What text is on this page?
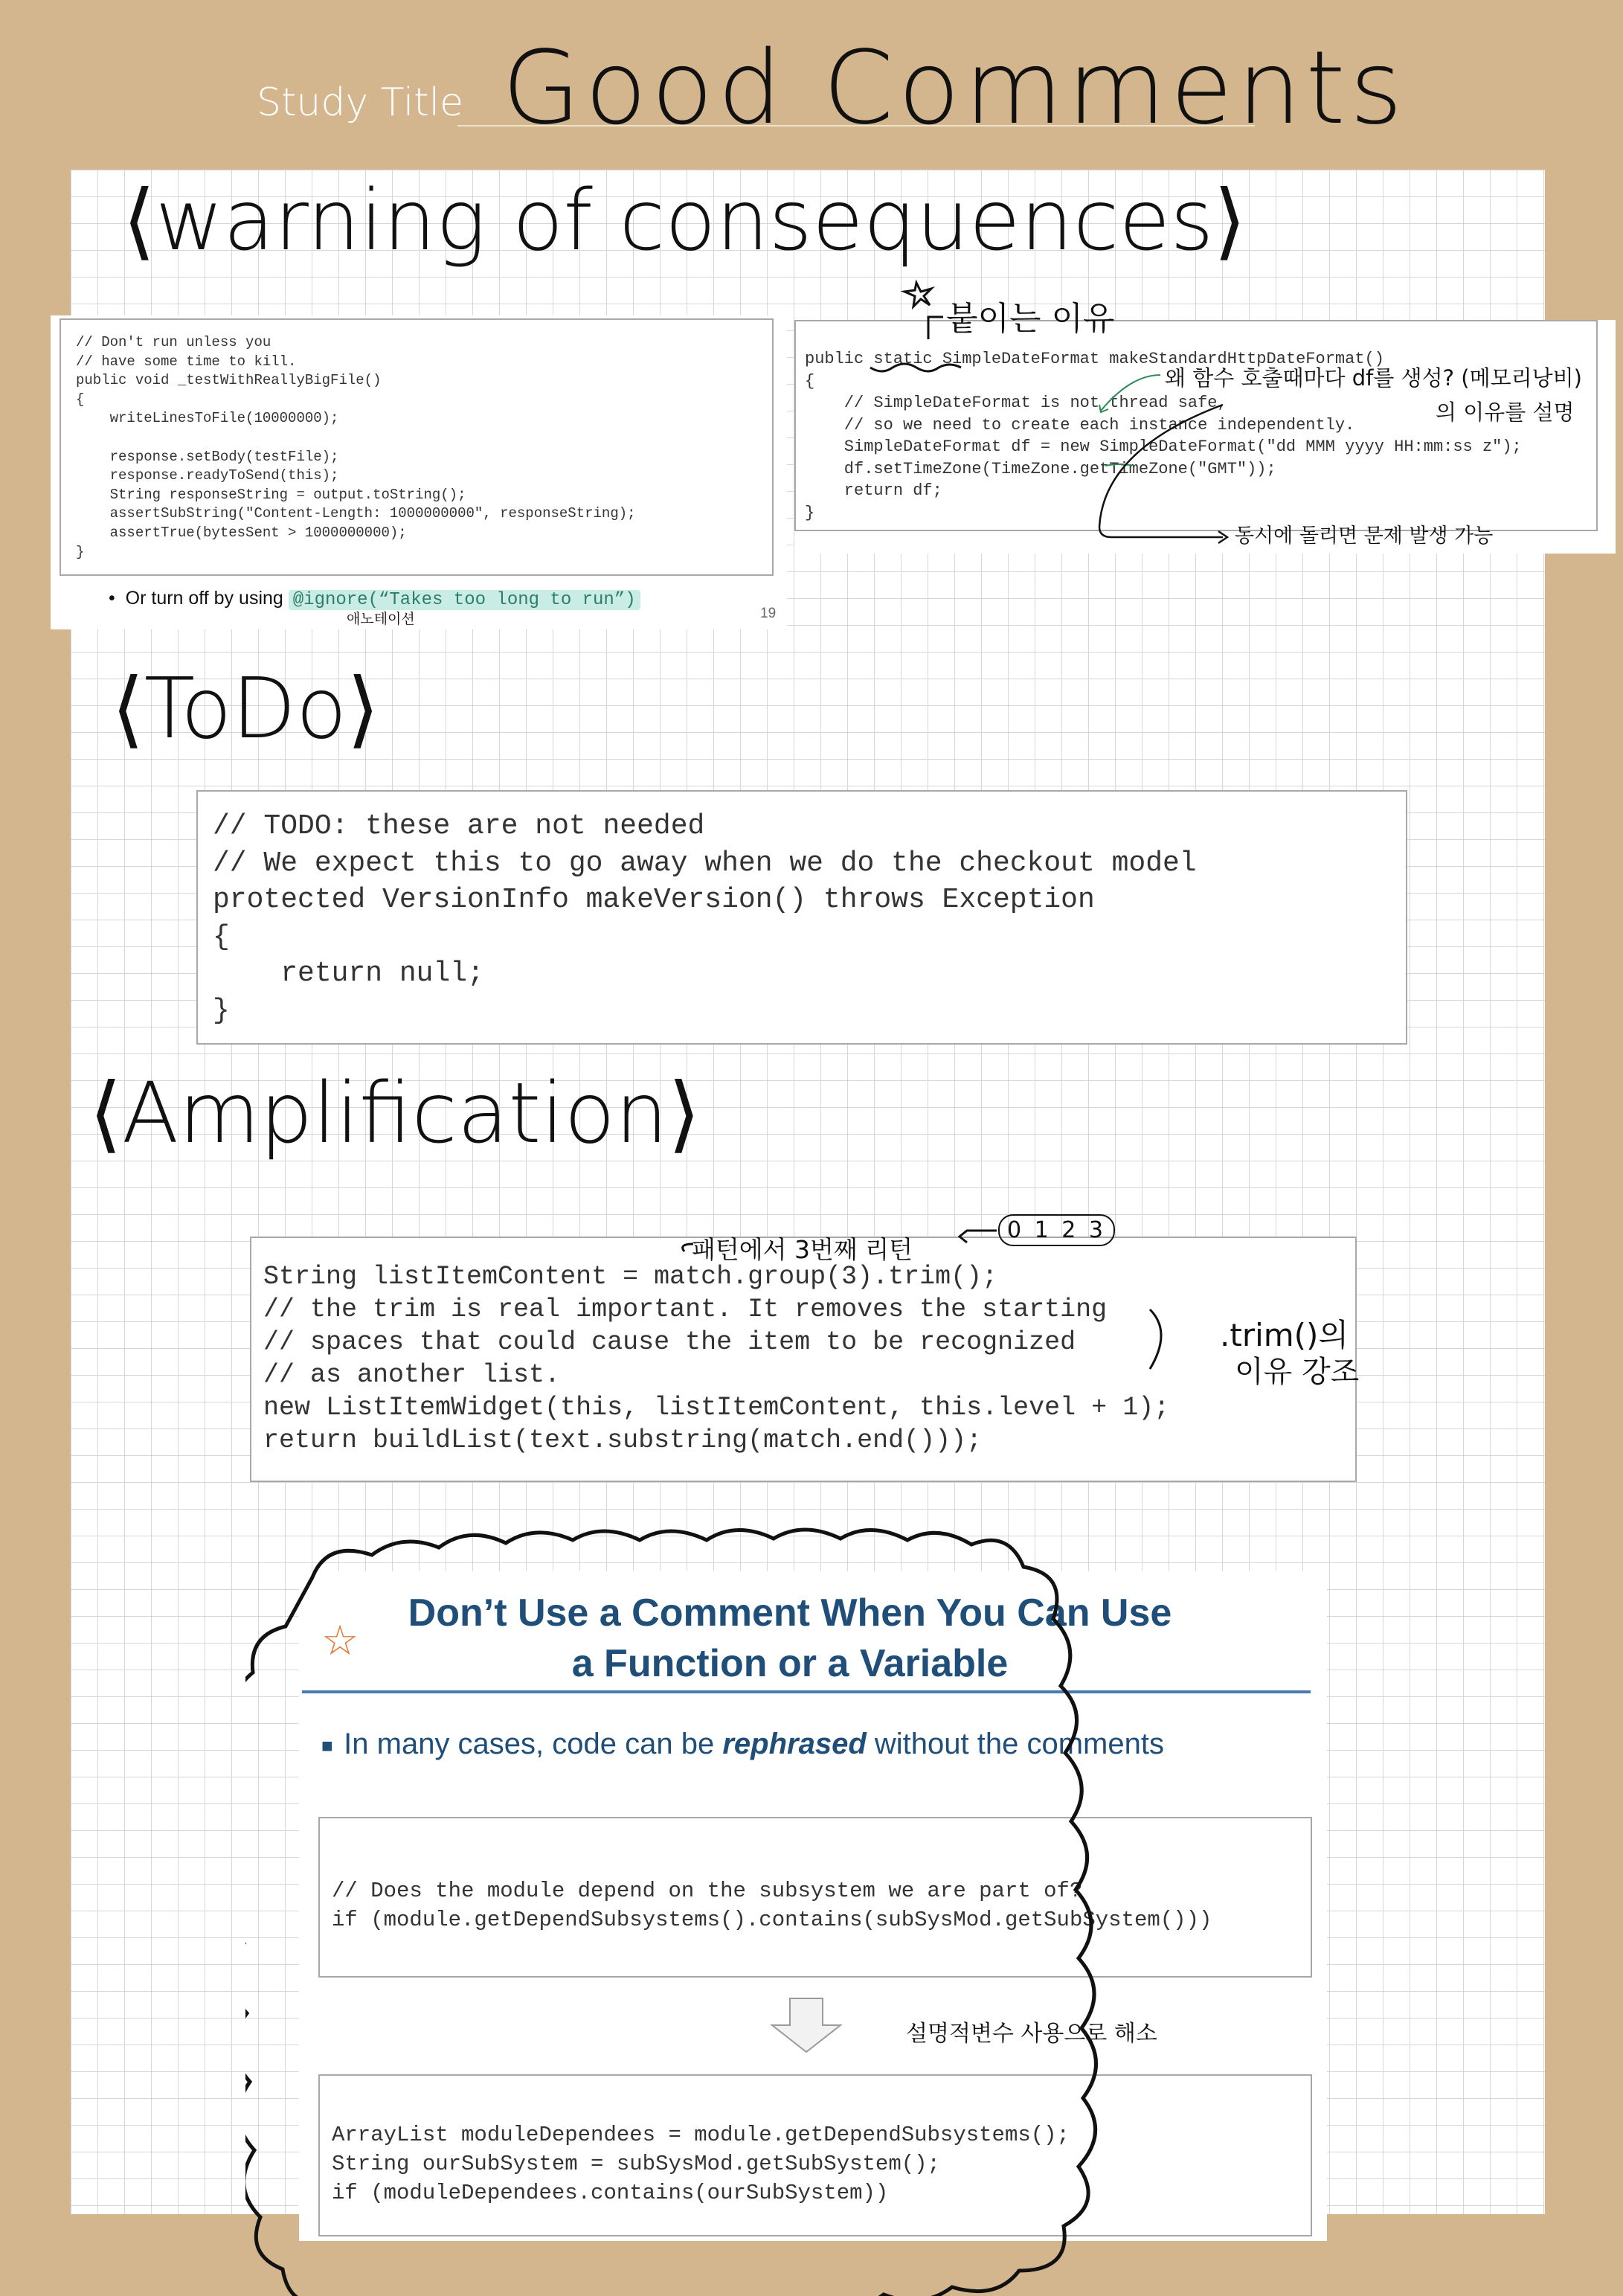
Study Title Good Comments
⟨warning of consequences⟩
// Don't run unless you
// have some time to kill.
public void _testWithReallyBigFile()
{
writeLinesToFile(10000000);

response.setBody(testFile);
response.readyToSend(this);
String responseString = output.toString();
assertSubString("Content-Length: 1000000000", responseString);
assertTrue(bytesSent > 1000000000);
}
•  Or turn off by using @ignore(“Takes too long to run”)
애노테이션	19
public static SimpleDateFormat makeStandardHttpDateFormat()
{
// SimpleDateFormat is not thread safe,
// so we need to create each instance independently.
SimpleDateFormat df = new SimpleDateFormat("dd MMM yyyy HH:mm:ss z");
df.setTimeZone(TimeZone.getTimeZone("GMT"));
return df;
}
붙이는 이유
왜 함수 호출때마다 df를 생성? (메모리낭비)
의 이유를 설명
동시에 돌리면 문제 발생 가능
⟨ToDo⟩
// TODO: these are not needed
// We expect this to go away when we do the checkout model
protected VersionInfo makeVersion() throws Exception
{
return null;
}
⟨Amplification⟩
String listItemContent = match.group(3).trim();
// the trim is real important. It removes the starting
// spaces that could cause the item to be recognized
// as another list.
new ListItemWidget(this, listItemContent, this.level + 1);
return buildList(text.substring(match.end()));
패턴에서 3번째 리턴
0 1 2 3
.trim()의
이유 강조
☆
Don’t Use a Comment When You Can Use
a Function or a Variable
■  In many cases, code can be rephrased without the comments
// Does the module depend on the subsystem we are part of?
if (module.getDependSubsystems().contains(subSysMod.getSubSystem()))
설명적변수 사용으로 해소
ArrayList moduleDependees = module.getDependSubsystems();
String ourSubSystem = subSysMod.getSubSystem();
if (moduleDependees.contains(ourSubSystem))
